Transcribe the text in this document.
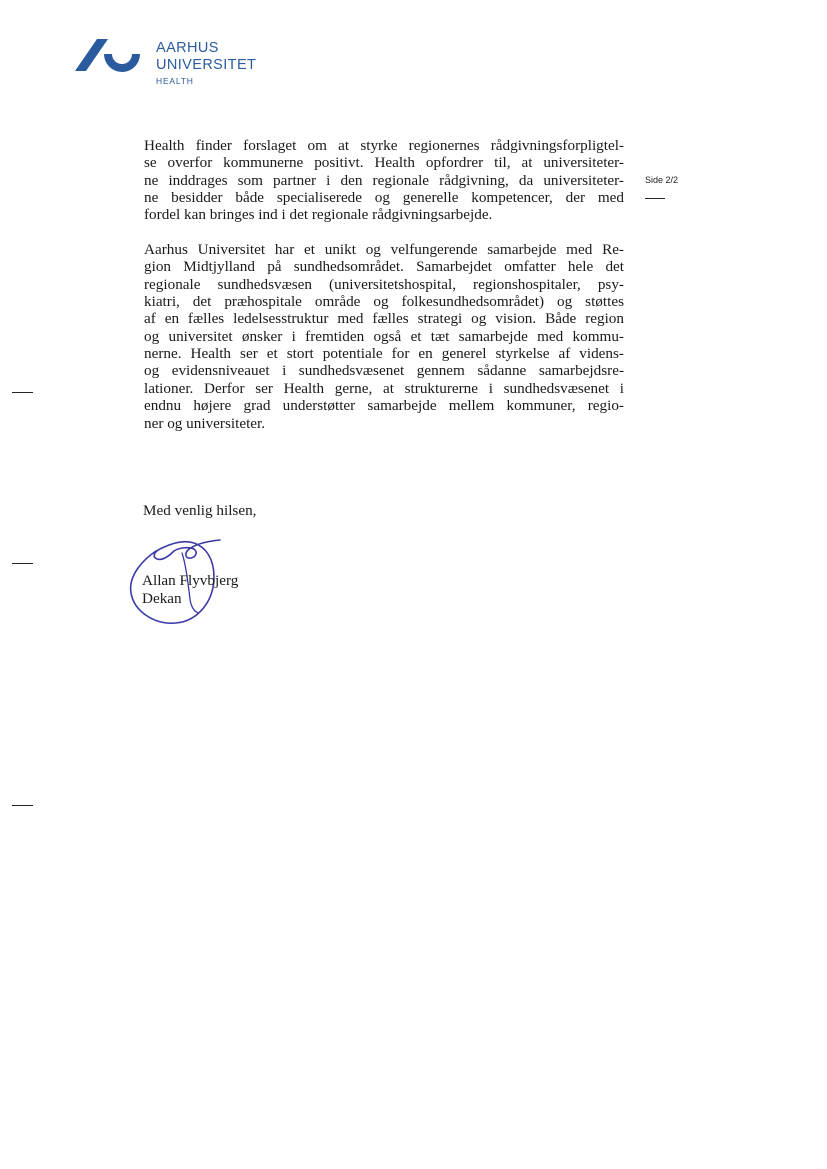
AARHUS
UNIVERSITET
HEALTH
Side 2/2

Health finder forslaget om at styrke regionernes rådgivningsforpligtel-
se overfor kommunerne positivt. Health opfordrer til, at universiteter-
ne inddrages som partner i den regionale rådgivning, da universiteter-
ne besidder både specialiserede og generelle kompetencer, der med
fordel kan bringes ind i det regionale rådgivningsarbejde.

Aarhus Universitet har et unikt og velfungerende samarbejde med Re-
gion Midtjylland på sundhedsområdet. Samarbejdet omfatter hele det
regionale sundhedsvæsen (universitetshospital, regionshospitaler, psy-
kiatri, det præhospitale område og folkesundhedsområdet) og støttes
af en fælles ledelsesstruktur med fælles strategi og vision. Både region
og universitet ønsker i fremtiden også et tæt samarbejde med kommu-
nerne. Health ser et stort potentiale for en generel styrkelse af videns-
og evidensniveauet i sundhedsvæsenet gennem sådanne samarbejdsre-
lationer. Derfor ser Health gerne, at strukturerne i sundhedsvæsenet i
endnu højere grad understøtter samarbejde mellem kommuner, regio-
ner og universiteter.

Med venlig hilsen,
Allan Flyvbjerg
Dekan
